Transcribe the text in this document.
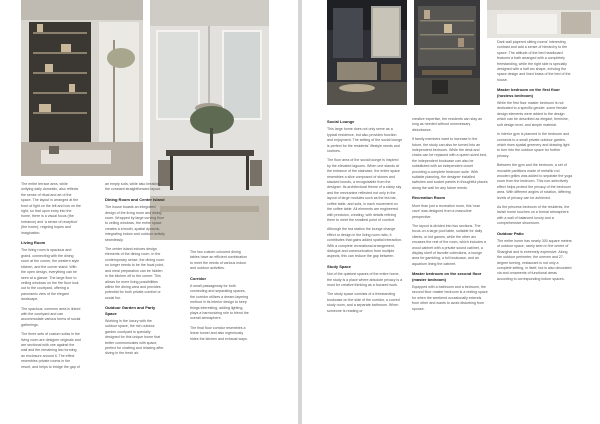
The entire terrace area, while unifying daily domestic, also reflects the sense of ritual and art of the space. The layout is arranged at the front of light on the left and low on the right, so that upon entry into the home, there is a visual focus (the entrance) and 'a sense of reception' (the home), reigning hopes and imagination.

Living Room

The living room is spacious and grand, connecting with the dining room at the corner, the western style kitchen, and the corner stand. With the open design, everything can be seen at a glance. The large floor to ceiling windows on the fire floor look out to the courtyard, offering a panoramic view of the elegant landscape.

The spacious, common area is linked with the courtyard and can accommodate various forms of social gatherings.

The three sets of custom sofas in the living room are designer originals and are sectional with one against the wall and the remaining two forming an enclosure around it. The effect resembles private rooms in the resort, and helps to bridge the gap of

an empty sofa, while also breaking the constant straightforward layout.

Dining Room and Center Island

The house boasts an integrated design of the living room and dining room. Wrapped by large curving floor to ceiling windows, the entire space creates a smooth, spatial dynamic, integrating indoor and outdoor activity seamlessly.

The center island echoes design elements of the dining room. In the contemporary sense, the dining room no longer needs to be the focal point, and meal preparation can be hidden in the kitchen off to the corner. This allows for more living possibilities within the dining area and provides potential for both private comfort or social fun.

Outdoor Garden and Party Space

Working in the luxury with the outdoor space, the rich outdoor garden courtyard is specially designed for this unique home that better communicates with space, perfect for chatting and relaxing after diving in the fresh air.

The two custom coloured dining tables have an efficient combination to meet the needs of various indoor and outdoor activities.

Corridor

A small passageway for both connecting and separating spaces, the corridor utilizes a dream-layering method in its interior design to keep things interesting, adding lighting, plays a harmonizing role to blend the overall atmosphere.

The final floor corridor resembles a linear tunnel and also ingeniously hides the kitchen and exhaust ways.

Social Lounge

This large home does not only serve as a typical residence, but also provides function and enjoyment. The setting of the social lounge is perfect for the residents' lifestyle needs and routines.

The floor area of the social lounge is inspired by the elevated lagoons. When one stands at the entrance of the staircase, the entire space resembles a slice composed of stones and stacked lounds, a recognisable from the designer. Its architectural theme of a starry sky and the mezzanine reflected not only in the layout of large modules such as the tea bar, coffee table, and sofa, in each movement on the coffee table. All elements are engineered with precision, creating, with details refining them to meet the smallest point of comfort.

Although the tea station the lounge change effect or design in the living room ratio, it contributes that gains added spatial interaction. With a complete recreational arrangement, dialogue and communication from multiple aspects, this can reduce the gap between.

Study Space

Not of the quietest spaces of the entire home, the study is a place where absolute privacy is a must for creative thinking as a focused work.

The study space consists of a freestanding bookcase on the side of the corridor, a curved study room, and a separate bathroom. When someone is reading or

creative expertise, the residents can stay as long as needed without unnecessary disturbance.

If family members want to increase in the future, the study can also be turned into an independent bedroom. While the desk and chairs can be replaced with a queen sized bed, the independent bookcase can also be substituted with an independent closet providing a complete bedroom suite. With suitable planning, the designer installed switches and socket panels in thoughtful places along the wall for any future needs.

Recreation Room

More than just a recreation room, this 'man cave' was designed from a masculine perspective.

The layout is divided into two sections. The focus on a large pool table, suitable for daily clients, or kid games, while the other arc encases the rest of the room, which includes a wood cabinet with a private sound cabinet, a display shelf of favorite collections, a lounge area for gambling, a full bookcase, and an aquarium lining the cabinet.

Master bedroom on the second floor (master bedroom)

Equipped with a bathroom and a bedroom, the second floor master bedroom is a resting space for when the weekend occasionally extends from other and wants to avoid disturbing from spouse.

Dark wall papered sitting rooms' interesting contrast and add a sense of hierarchy to the space. The attitude of the bed headboard features a bath arranged with a completely freestanding, while the right side is specially designed with a half arc shape, echoing the space design and lined brass of the bed of the house.

Master bedroom on the first floor (hostess bedroom)

While the first floor master bedroom is not dedicated to a specific gender, some female design elements were added to the design which can be described as elegant, feminine, soft design level, and simple material.

In interior gym is planned in the bedroom and connects to a small private outdoor garden, which rises spatial greenery and drawing light to turn into the outdoor space for further privacy.

Between the gym and the bedroom, a set of movable partitions made of metallic rod wooden grilles was added to separate the yoga room from the bedroom. This non-selectively effect helps protect the privacy of the bedroom area. With different angles of rotation, differing levels of privacy can be achieved.

As the princess bedroom of the residents, the lavish home touches on a formal atmosphere with a wall of balanced luxury and a comprehensive showroom.

Outdoor Patio

The entire home has nearly 300 square meters of outdoor space, rarely seen in the centre of Shanghai and is extremely expensive. Along the outdoor perimeter, the uneven and 27-degree turning, restaurant is not only a complete setting, in itself, but is also decorated via and ornaments of functional areas according to corresponding indoor spaces.
